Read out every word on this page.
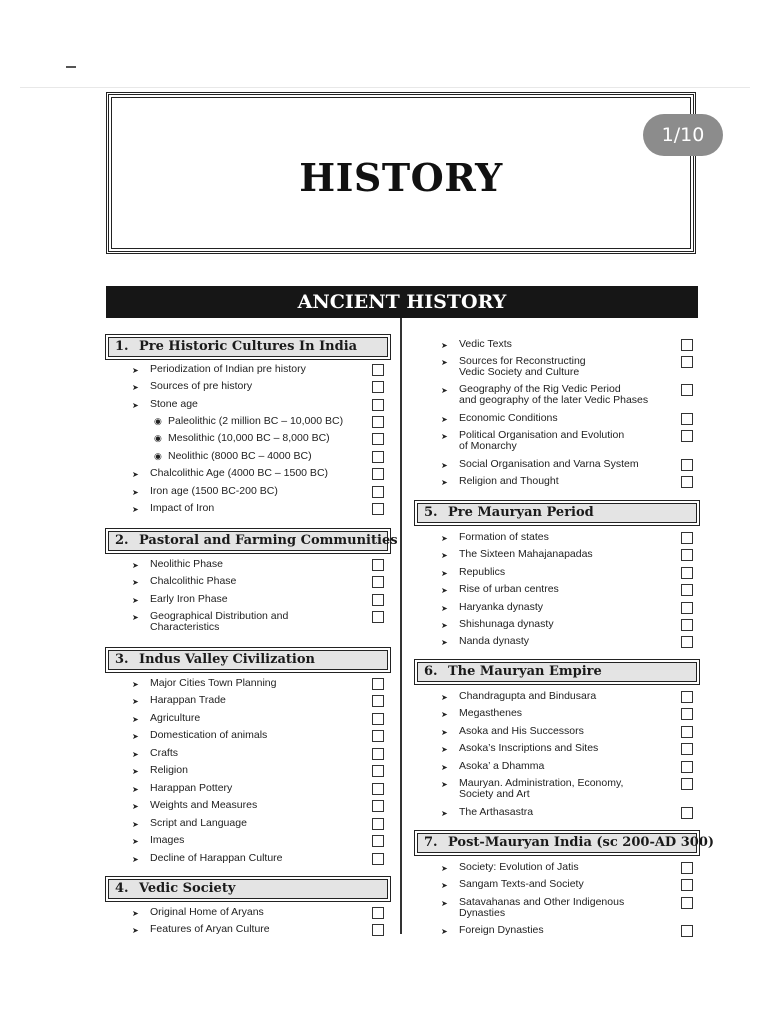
HISTORY
1/10
ANCIENT HISTORY
1. Pre Historic Cultures In India
➤ Periodization of Indian pre history
➤ Sources of pre history
➤ Stone age
◉ Paleolithic (2 million BC – 10,000 BC)
◉ Mesolithic (10,000 BC – 8,000 BC)
◉ Neolithic (8000 BC – 4000 BC)
➤ Chalcolithic Age (4000 BC – 1500 BC)
➤ Iron age (1500 BC-200 BC)
➤ Impact of Iron
2. Pastoral and Farming Communities
➤ Neolithic Phase
➤ Chalcolithic Phase
➤ Early Iron Phase
➤ Geographical Distribution and
Characteristics
3. Indus Valley Civilization
➤ Major Cities Town Planning
➤ Harappan Trade
➤ Agriculture
➤ Domestication of animals
➤ Crafts
➤ Religion
➤ Harappan Pottery
➤ Weights and Measures
➤ Script and Language
➤ Images
➤ Decline of Harappan Culture
4. Vedic Society
➤ Original Home of Aryans
➤ Features of Aryan Culture
➤ Vedic Texts
➤ Sources for Reconstructing
Vedic Society and Culture
➤ Geography of the Rig Vedic Period
and geography of the later Vedic Phases
➤ Economic Conditions
➤ Political Organisation and Evolution
of Monarchy
➤ Social Organisation and Varna System
➤ Religion and Thought
5. Pre Mauryan Period
➤ Formation of states
➤ The Sixteen Mahajanapadas
➤ Republics
➤ Rise of urban centres
➤ Haryanka dynasty
➤ Shishunaga dynasty
➤ Nanda dynasty
6. The Mauryan Empire
➤ Chandragupta and Bindusara
➤ Megasthenes
➤ Asoka and His Successors
➤ Asoka’s Inscriptions and Sites
➤ Asoka’ a Dhamma
➤ Mauryan. Administration, Economy,
Society and Art
➤ The Arthasastra
7. Post-Mauryan India (sc 200-AD 300)
➤ Society: Evolution of Jatis
➤ Sangam Texts-and Society
➤ Satavahanas and Other Indigenous
Dynasties
➤ Foreign Dynasties
